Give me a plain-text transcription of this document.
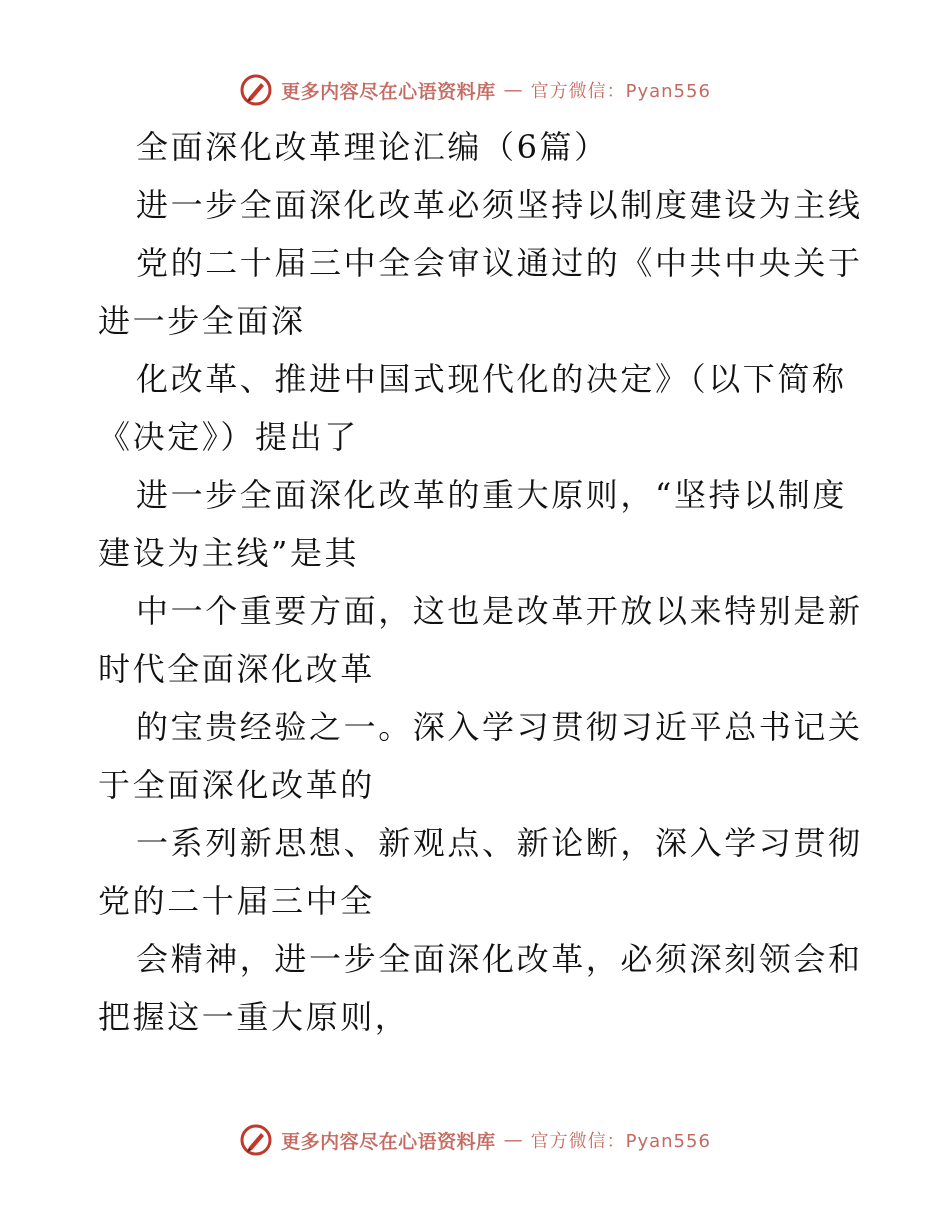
更多内容尽在心语资料库 — 官方微信：Pyan556
全面深化改革理论汇编（6篇）
进一步全面深化改革必须坚持以制度建设为主线
党的二十届三中全会审议通过的《中共中央关于
进一步全面深
化改革、推进中国式现代化的决定》（以下简称
《决定》）提出了
进一步全面深化改革的重大原则，“坚持以制度
建设为主线”是其
中一个重要方面，这也是改革开放以来特别是新
时代全面深化改革
的宝贵经验之一。深入学习贯彻习近平总书记关
于全面深化改革的
一系列新思想、新观点、新论断，深入学习贯彻
党的二十届三中全
会精神，进一步全面深化改革，必须深刻领会和
把握这一重大原则，
更多内容尽在心语资料库 — 官方微信：Pyan556
